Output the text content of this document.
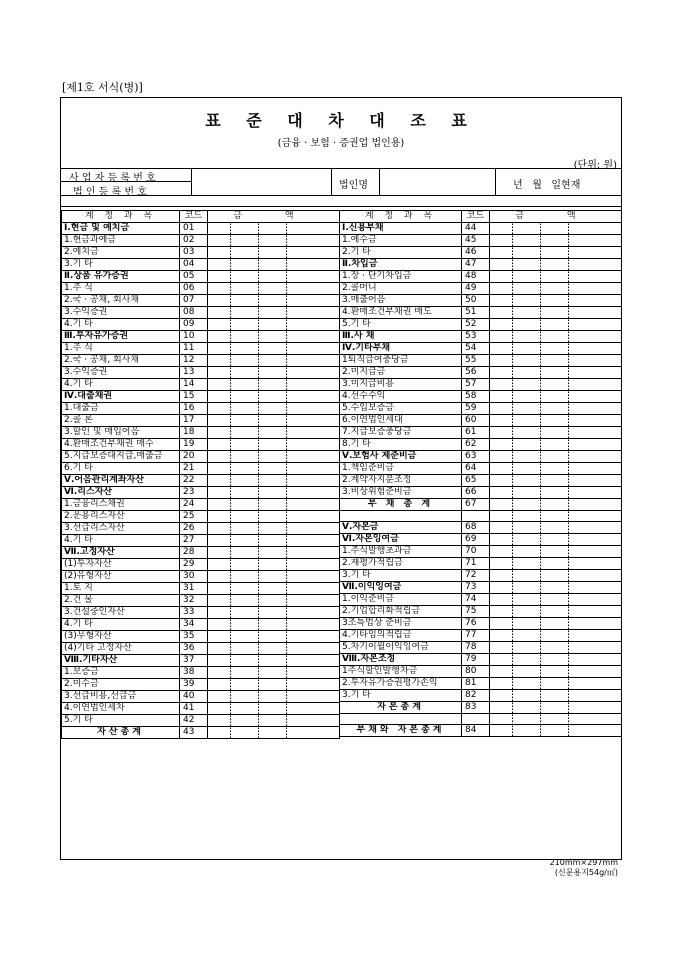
[제1호 서식(병)]
표 준 대 차 대 조 표
(금융 · 보험 · 증권업 법인용)
(단위: 원)
사 업 자 등 록 번 호
법 인 등 록 번 호
법인명	년   월   일현재
계 정 과 목	코드	금 액
Ⅰ.현금 및 예치금	01	
1.현금과예금	02	
2.예치금	03	
3.기 타	04	
Ⅱ.상품 유가증권	05	
1.주 식	06	
2.국 · 공채, 회사채	07	
3.수익증권	08	
4.기 타	09	
Ⅲ.투자유가증권	10	
1.주 식	11	
2.국 · 공채, 회사채	12	
3.수익증권	13	
4.기 타	14	
Ⅳ.대출채권	15	
1.대출금	16	
2.콜 론	17	
3.할인 및 매입어음	18	
4.환매조건부채권 매수	19	
5.지급보증대지급,매출금	20	
6.기 타	21	
Ⅴ.어음관리계좌자산	22	
Ⅵ.리스자산	23	
1.금융리스채권	24	
2.운용리스자산	25	
3.선급리스자산	26	
4.기 타	27	
Ⅶ.고정자산	28	
(1)투자자산	29	
(2)유형자산	30	
1.토 지	31	
2.건 물	32	
3.건설중인자산	33	
4.기 타	34	
(3)무형자산	35	
(4)기타 고정자산	36	
Ⅷ.기타자산	37	
1.보증금	38	
2.미수금	39	
3.선급비용,선급금	40	
4.이연법인세차	41	
5.기 타	42	
자산총계	43	
계 정 과 목	코드	금 액
Ⅰ.신용부채	44	
1.예수금	45	
2.기 타	46	
Ⅱ.차입금	47	
1.장 · 단기차입금	48	
2.콜머니	49	
3.매출어음	50	
4.환매조건부채권 매도	51	
5.기 타	52	
Ⅲ.사 채	53	
Ⅳ.기타부채	54	
1퇴직급여충당금	55	
2.미지급금	56	
3.미지급비용	57	
4.선수수익	58	
5.수입보증금	59	
6.이연법인세대	60	
7.지급보증충당금	61	
8.기 타	62	
Ⅴ.보험사 제준비금	63	
1.책임준비금	64	
2.계약자지분조정	65	
3.비상위험준비금	66	
부 채 총 계	67	

Ⅴ.자본금	68	
Ⅵ.자본잉여금	69	
1.주식발행초과금	70	
2.재평가적립금	71	
3.기 타	72	
Ⅶ.이익잉여금	73	
1.이익준비금	74	
2.기업합리화적립금	75	
3조특법상 준비금	76	
4.기타임의적립금	77	
5.차기이월이익잉여금	78	
Ⅷ.자본조정	79	
1주식할인발행차금	80	
2.투자유가증권평가손익	81	
3.기 타	82	
자본총계	83	

부채와 자본총계	84	
210mm×297mm
(신문용지54g/㎡)
